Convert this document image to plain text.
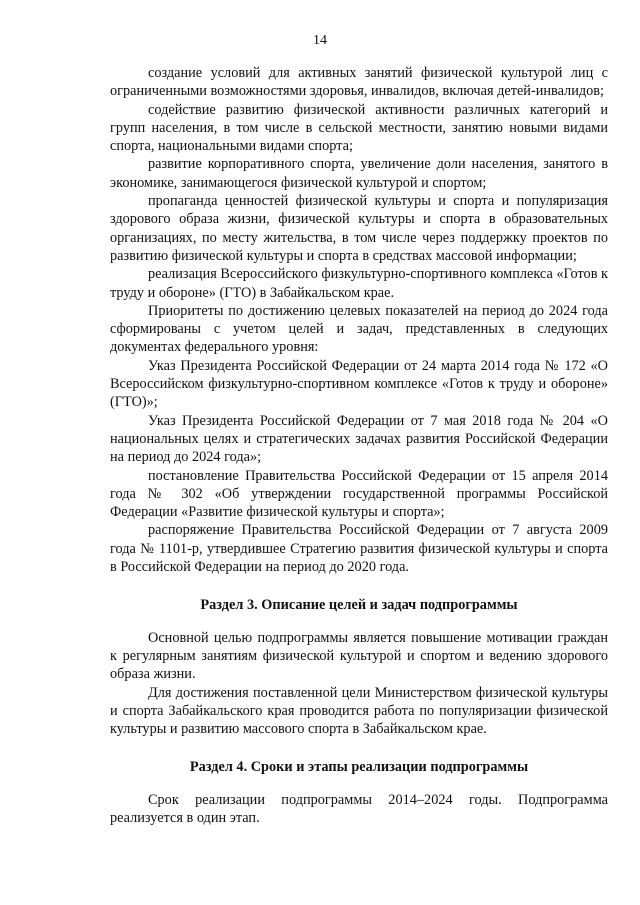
14

создание условий для активных занятий физической культурой лиц с ограниченными возможностями здоровья, инвалидов, включая детей-инвалидов;

содействие развитию физической активности различных категорий и групп населения, в том числе в сельской местности, занятию новыми видами спорта, национальными видами спорта;

развитие корпоративного спорта, увеличение доли населения, занятого в экономике, занимающегося физической культурой и спортом;

пропаганда ценностей физической культуры и спорта и популяризация здорового образа жизни, физической культуры и спорта в образовательных организациях, по месту жительства, в том числе через поддержку проектов по развитию физической культуры и спорта в средствах массовой информации;

реализация Всероссийского физкультурно-спортивного комплекса «Готов к труду и обороне» (ГТО) в Забайкальском крае.

Приоритеты по достижению целевых показателей на период до 2024 года сформированы с учетом целей и задач, представленных в следующих документах федерального уровня:

Указ Президента Российской Федерации от 24 марта 2014 года № 172 «О Всероссийском физкультурно-спортивном комплексе «Готов к труду и обороне» (ГТО)»;

Указ Президента Российской Федерации от 7 мая 2018 года № 204 «О национальных целях и стратегических задачах развития Российской Федерации на период до 2024 года»;

постановление Правительства Российской Федерации от 15 апреля 2014 года № 302 «Об утверждении государственной программы Российской Федерации «Развитие физической культуры и спорта»;

распоряжение Правительства Российской Федерации от 7 августа 2009 года № 1101-р, утвердившее Стратегию развития физической культуры и спорта в Российской Федерации на период до 2020 года.

Раздел 3. Описание целей и задач подпрограммы

Основной целью подпрограммы является повышение мотивации граждан к регулярным занятиям физической культурой и спортом и ведению здорового образа жизни.

Для достижения поставленной цели Министерством физической культуры и спорта Забайкальского края проводится работа по популяризации физической культуры и развитию массового спорта в Забайкальском крае.

Раздел 4. Сроки и этапы реализации подпрограммы

Срок реализации подпрограммы 2014–2024 годы. Подпрограмма реализуется в один этап.
